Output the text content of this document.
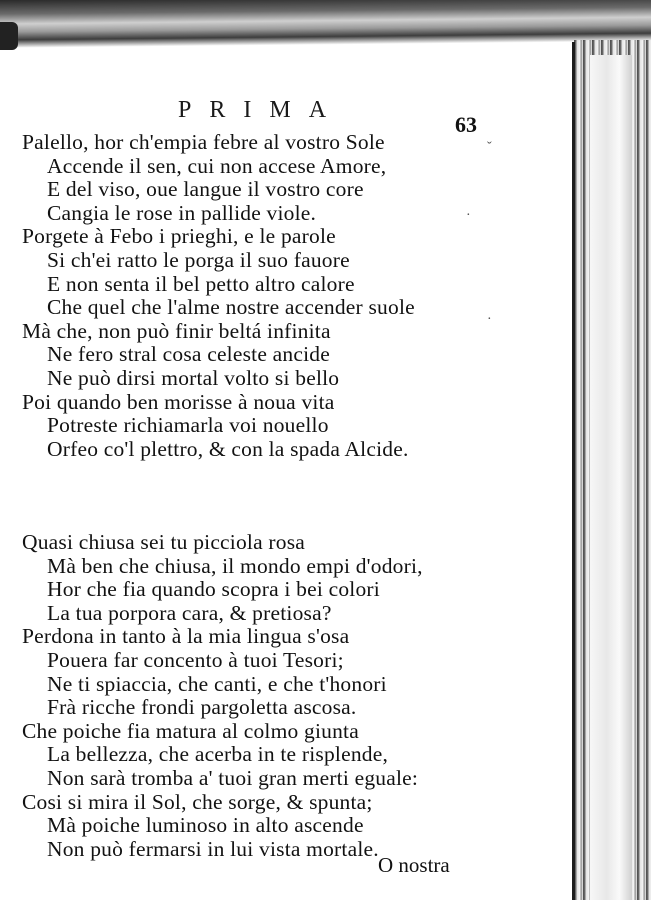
PRIMA
63
Palello, hor ch'empia febre al vostro Sole
Accende il sen, cui non accese Amore,
E del viso, oue langue il vostro core
Cangia le rose in pallide viole.
Porgete à Febo i prieghi, e le parole
Si ch'ei ratto le porga il suo fauore
E non senta il bel petto altro calore
Che quel che l'alme nostre accender suole
Mà che, non può finir beltá infinita
Ne fero stral cosa celeste ancide
Ne può dirsi mortal volto si bello
Poi quando ben morisse à noua vita
Potreste richiamarla voi nouello
Orfeo co'l plettro, & con la spada Alcide.
Quasi chiusa sei tu picciola rosa
Mà ben che chiusa, il mondo empi d'odori,
Hor che fia quando scopra i bei colori
La tua porpora cara, & pretiosa?
Perdona in tanto à la mia lingua s'osa
Pouera far concento à tuoi Tesori;
Ne ti spiaccia, che canti, e che t'honori
Frà ricche frondi pargoletta ascosa.
Che poiche fia matura al colmo giunta
La bellezza, che acerba in te risplende,
Non sarà tromba a' tuoi gran merti eguale:
Cosi si mira il Sol, che sorge, & spunta;
Mà poiche luminoso in alto ascende
Non può fermarsi in lui vista mortale.
O nostra
ˇ
·
·
